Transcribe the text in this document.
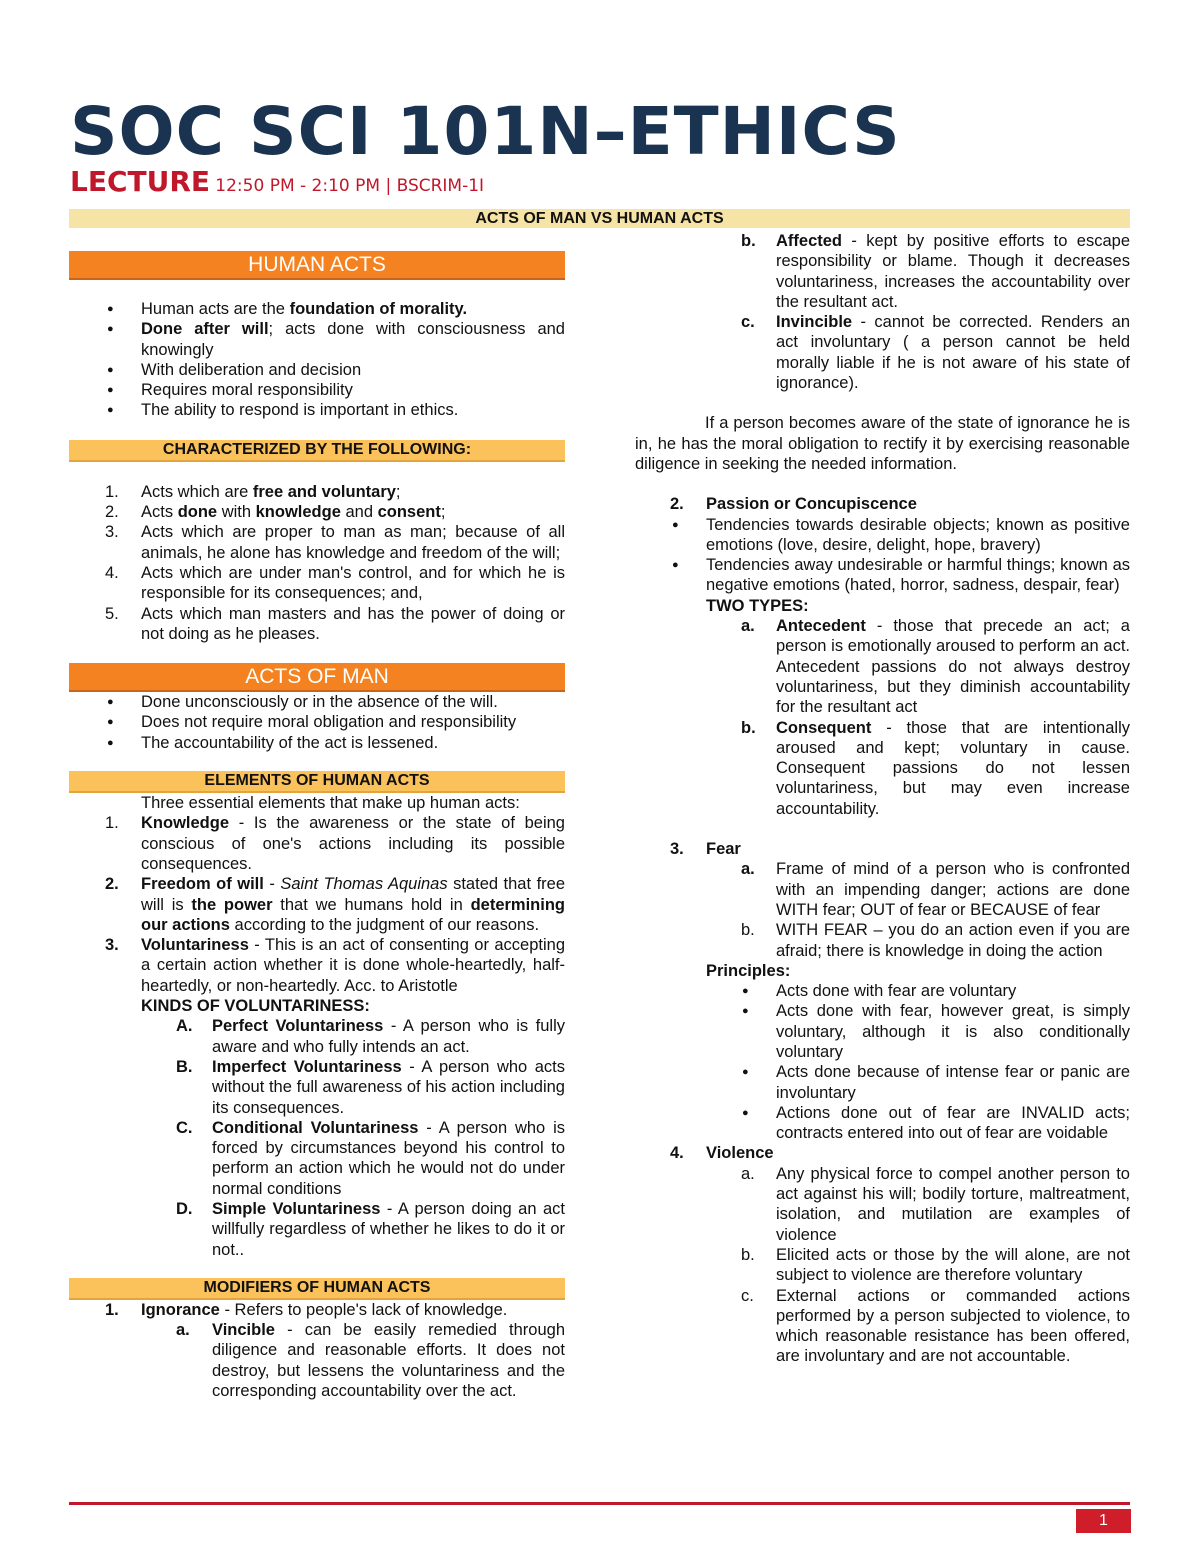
SOC SCI 101N–ETHICS
LECTURE 12:50 PM - 2:10 PM | BSCRIM-1I
ACTS OF MAN VS HUMAN ACTS
HUMAN ACTS
● Human acts are the foundation of morality.
● Done after will; acts done with consciousness and knowingly
● With deliberation and decision
● Requires moral responsibility
● The ability to respond is important in ethics.
CHARACTERIZED BY THE FOLLOWING:
1. Acts which are free and voluntary;
2. Acts done with knowledge and consent;
3. Acts which are proper to man as man; because of all animals, he alone has knowledge and freedom of the will;
4. Acts which are under man's control, and for which he is responsible for its consequences; and,
5. Acts which man masters and has the power of doing or not doing as he pleases.
ACTS OF MAN
● Done unconsciously or in the absence of the will.
● Does not require moral obligation and responsibility
● The accountability of the act is lessened.
ELEMENTS OF HUMAN ACTS
Three essential elements that make up human acts:
1. Knowledge - Is the awareness or the state of being conscious of one's actions including its possible consequences.
2. Freedom of will - Saint Thomas Aquinas stated that free will is the power that we humans hold in determining our actions according to the judgment of our reasons.
3. Voluntariness - This is an act of consenting or accepting a certain action whether it is done whole-heartedly, half-heartedly, or non-heartedly. Acc. to Aristotle
KINDS OF VOLUNTARINESS:
A. Perfect Voluntariness - A person who is fully aware and who fully intends an act.
B. Imperfect Voluntariness - A person who acts without the full awareness of his action including its consequences.
C. Conditional Voluntariness - A person who is forced by circumstances beyond his control to perform an action which he would not do under normal conditions
D. Simple Voluntariness - A person doing an act willfully regardless of whether he likes to do it or not..
MODIFIERS OF HUMAN ACTS
1. Ignorance - Refers to people's lack of knowledge.
a. Vincible - can be easily remedied through diligence and reasonable efforts. It does not destroy, but lessens the voluntariness and the corresponding accountability over the act.
b. Affected - kept by positive efforts to escape responsibility or blame. Though it decreases voluntariness, increases the accountability over the resultant act.
c. Invincible - cannot be corrected. Renders an act involuntary ( a person cannot be held morally liable if he is not aware of his state of ignorance).
If a person becomes aware of the state of ignorance he is in, he has the moral obligation to rectify it by exercising reasonable diligence in seeking the needed information.
2. Passion or Concupiscence
● Tendencies towards desirable objects; known as positive emotions (love, desire, delight, hope, bravery)
● Tendencies away undesirable or harmful things; known as negative emotions (hated, horror, sadness, despair, fear)
TWO TYPES:
a. Antecedent - those that precede an act; a person is emotionally aroused to perform an act. Antecedent passions do not always destroy voluntariness, but they diminish accountability for the resultant act
b. Consequent - those that are intentionally aroused and kept; voluntary in cause. Consequent passions do not lessen voluntariness, but may even increase accountability.
3. Fear
a. Frame of mind of a person who is confronted with an impending danger; actions are done WITH fear; OUT of fear or BECAUSE of fear
b. WITH FEAR – you do an action even if you are afraid; there is knowledge in doing the action
Principles:
● Acts done with fear are voluntary
● Acts done with fear, however great, is simply voluntary, although it is also conditionally voluntary
● Acts done because of intense fear or panic are involuntary
● Actions done out of fear are INVALID acts; contracts entered into out of fear are voidable
4. Violence
a. Any physical force to compel another person to act against his will; bodily torture, maltreatment, isolation, and mutilation are examples of violence
b. Elicited acts or those by the will alone, are not subject to violence are therefore voluntary
c. External actions or commanded actions performed by a person subjected to violence, to which reasonable resistance has been offered, are involuntary and are not accountable.
1
